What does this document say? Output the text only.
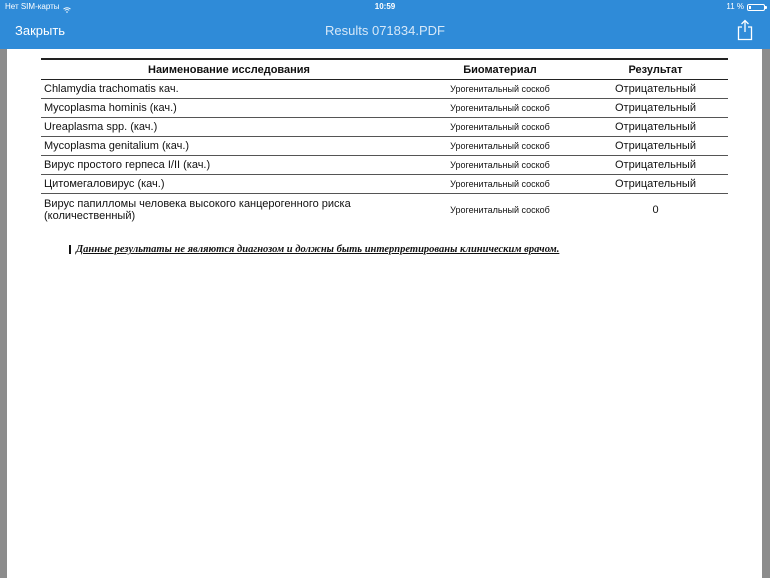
Нет SIM-карты	10:59	11 %
Закрыть	Results 071834.PDF
Наименование исследования	Биоматериал	Результат
Chlamydia trachomatis кач.	Урогенитальный соскоб	Отрицательный
Mycoplasma hominis (кач.)	Урогенитальный соскоб	Отрицательный
Ureaplasma spp. (кач.)	Урогенитальный соскоб	Отрицательный
Mycoplasma genitalium (кач.)	Урогенитальный соскоб	Отрицательный
Вирус простого герпеса I/II (кач.)	Урогенитальный соскоб	Отрицательный
Цитомегаловирус (кач.)	Урогенитальный соскоб	Отрицательный
Вирус папилломы человека высокого канцерогенного риска (количественный)	Урогенитальный соскоб	0
Данные результаты не являются диагнозом и должны быть интерпретированы клиническим врачом.
